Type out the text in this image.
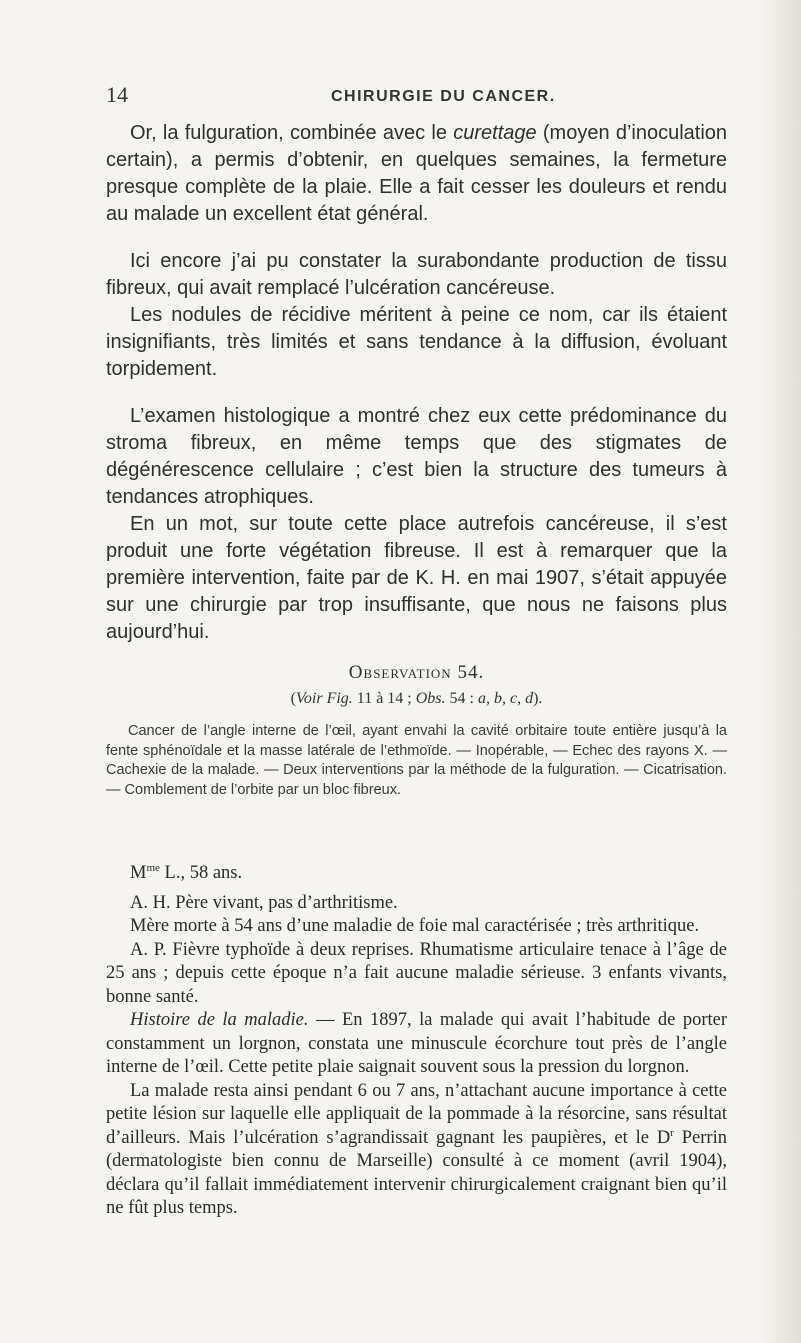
14	CHIRURGIE DU CANCER.

Or, la fulguration, combinée avec le curettage (moyen d’inoculation certain), a permis d’obtenir, en quelques semaines, la fermeture presque complète de la plaie. Elle a fait cesser les douleurs et rendu au malade un excellent état général.

Ici encore j’ai pu constater la surabondante production de tissu fibreux, qui avait remplacé l’ulcération cancéreuse.

Les nodules de récidive méritent à peine ce nom, car ils étaient insignifiants, très limités et sans tendance à la diffusion, évoluant torpidement.

L’examen histologique a montré chez eux cette prédominance du stroma fibreux, en même temps que des stigmates de dégénérescence cellulaire ; c’est bien la structure des tumeurs à tendances atrophiques.

En un mot, sur toute cette place autrefois cancéreuse, il s’est produit une forte végétation fibreuse. Il est à remarquer que la première intervention, faite par de K. H. en mai 1907, s’était appuyée sur une chirurgie par trop insuffisante, que nous ne faisons plus aujourd’hui.

Observation 54.

(Voir Fig. 11 à 14 ; Obs. 54 : a, b, c, d).

Cancer de l’angle interne de l’œil, ayant envahi la cavité orbitaire toute entière jusqu’à la fente sphénoïdale et la masse latérale de l’ethmoïde. — Inopérable, — Echec des rayons X. — Cachexie de la malade. — Deux interventions par la méthode de la fulguration. — Cicatrisation. — Comblement de l’orbite par un bloc fibreux.

$M^{me}$ L., 58 ans.

A. H. Père vivant, pas d’arthritisme.

Mère morte à 54 ans d’une maladie de foie mal caractérisée ; très arthritique.

A. P. Fièvre typhoïde à deux reprises. Rhumatisme articulaire tenace à l’âge de 25 ans ; depuis cette époque n’a fait aucune maladie sérieuse. 3 enfants vivants, bonne santé.

Histoire de la maladie. — En 1897, la malade qui avait l’habitude de porter constamment un lorgnon, constata une minuscule écorchure tout près de l’angle interne de l’œil. Cette petite plaie saignait souvent sous la pression du lorgnon.

La malade resta ainsi pendant 6 ou 7 ans, n’attachant aucune importance à cette petite lésion sur laquelle elle appliquait de la pommade à la résorcine, sans résultat d’ailleurs. Mais l’ulcération s’agrandissait gagnant les paupières, et le $D^r$ Perrin (dermatologiste bien connu de Marseille) consulté à ce moment (avril 1904), déclara qu’il fallait immédiatement intervenir chirurgicalement craignant bien qu’il ne fût plus temps.
